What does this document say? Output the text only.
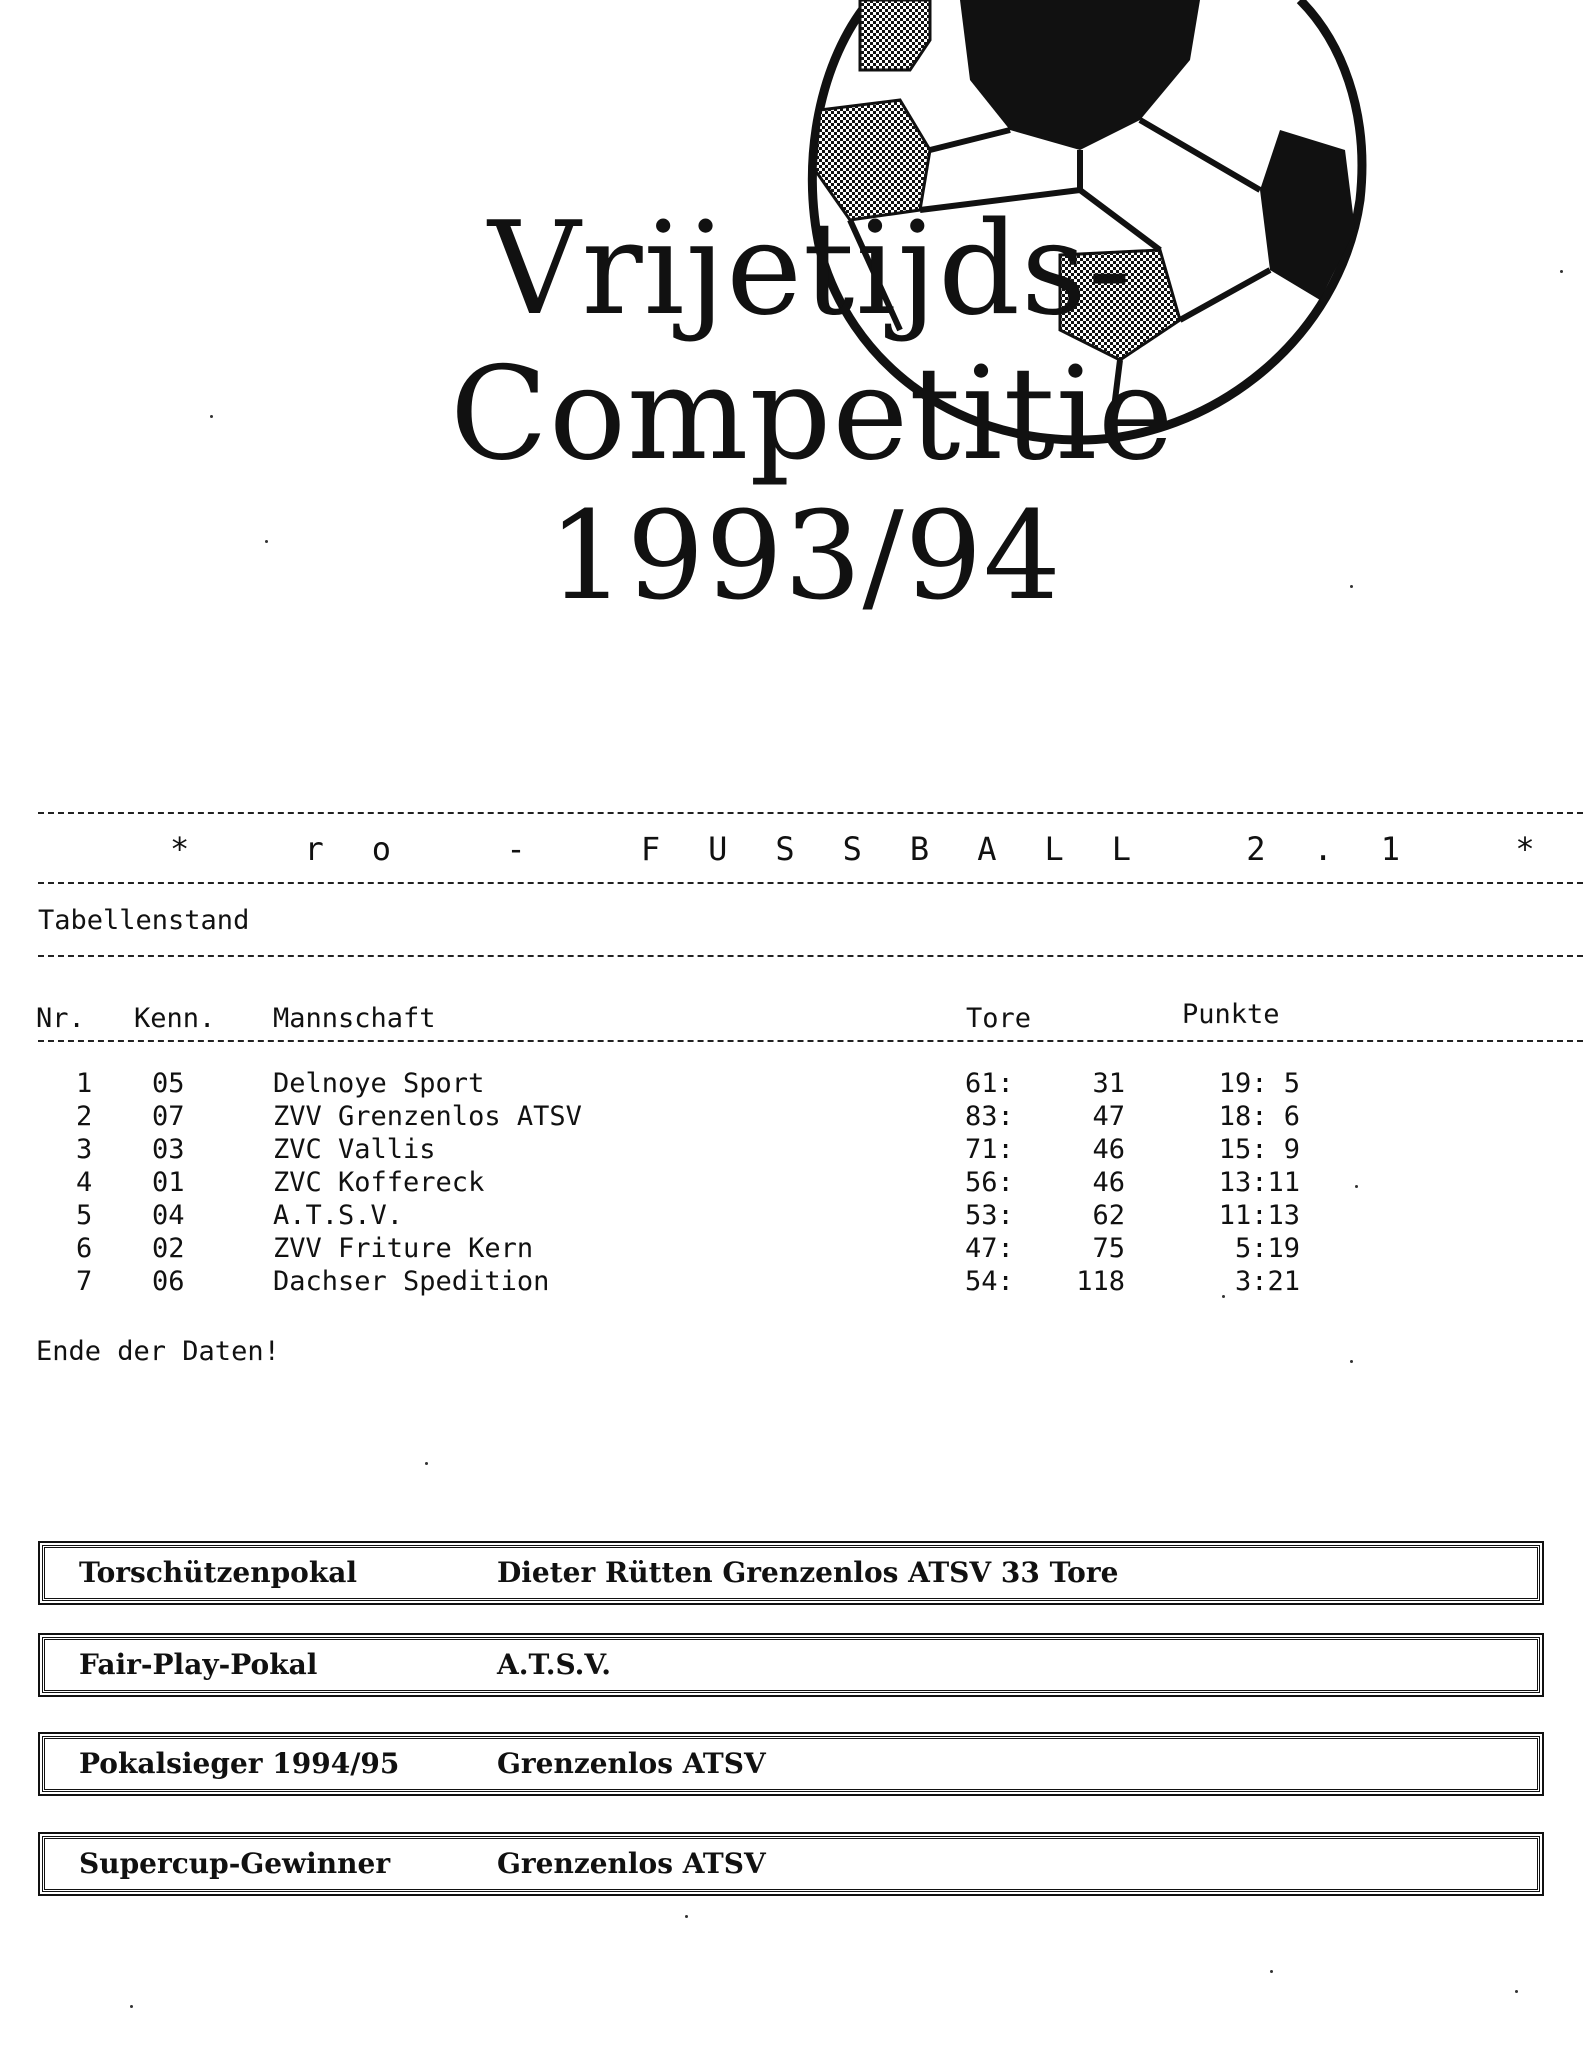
Vrijetijds-
Competitie
1993/94
* ro - FUSSBALL 2.1 *
Tabellenstand
Nr. Kenn. Mannschaft	Tore	Punkte
1 05	Delnoye Sport	61:	31	19: 5
2 07	ZVV Grenzenlos ATSV	83:	47	18: 6
3 03	ZVC Vallis	71:	46	15: 9
4 01	ZVC Koffereck	56:	46	13:11
5 04	A.T.S.V.	53:	62	11:13
6 02	ZVV Friture Kern	47:	75	5:19
7 06	Dachser Spedition	54:	118	3:21
Ende der Daten!
Torschützenpokal	Dieter Rütten Grenzenlos ATSV 33 Tore
Fair-Play-Pokal	A.T.S.V.
Pokalsieger 1994/95	Grenzenlos ATSV
Supercup-Gewinner	Grenzenlos ATSV
